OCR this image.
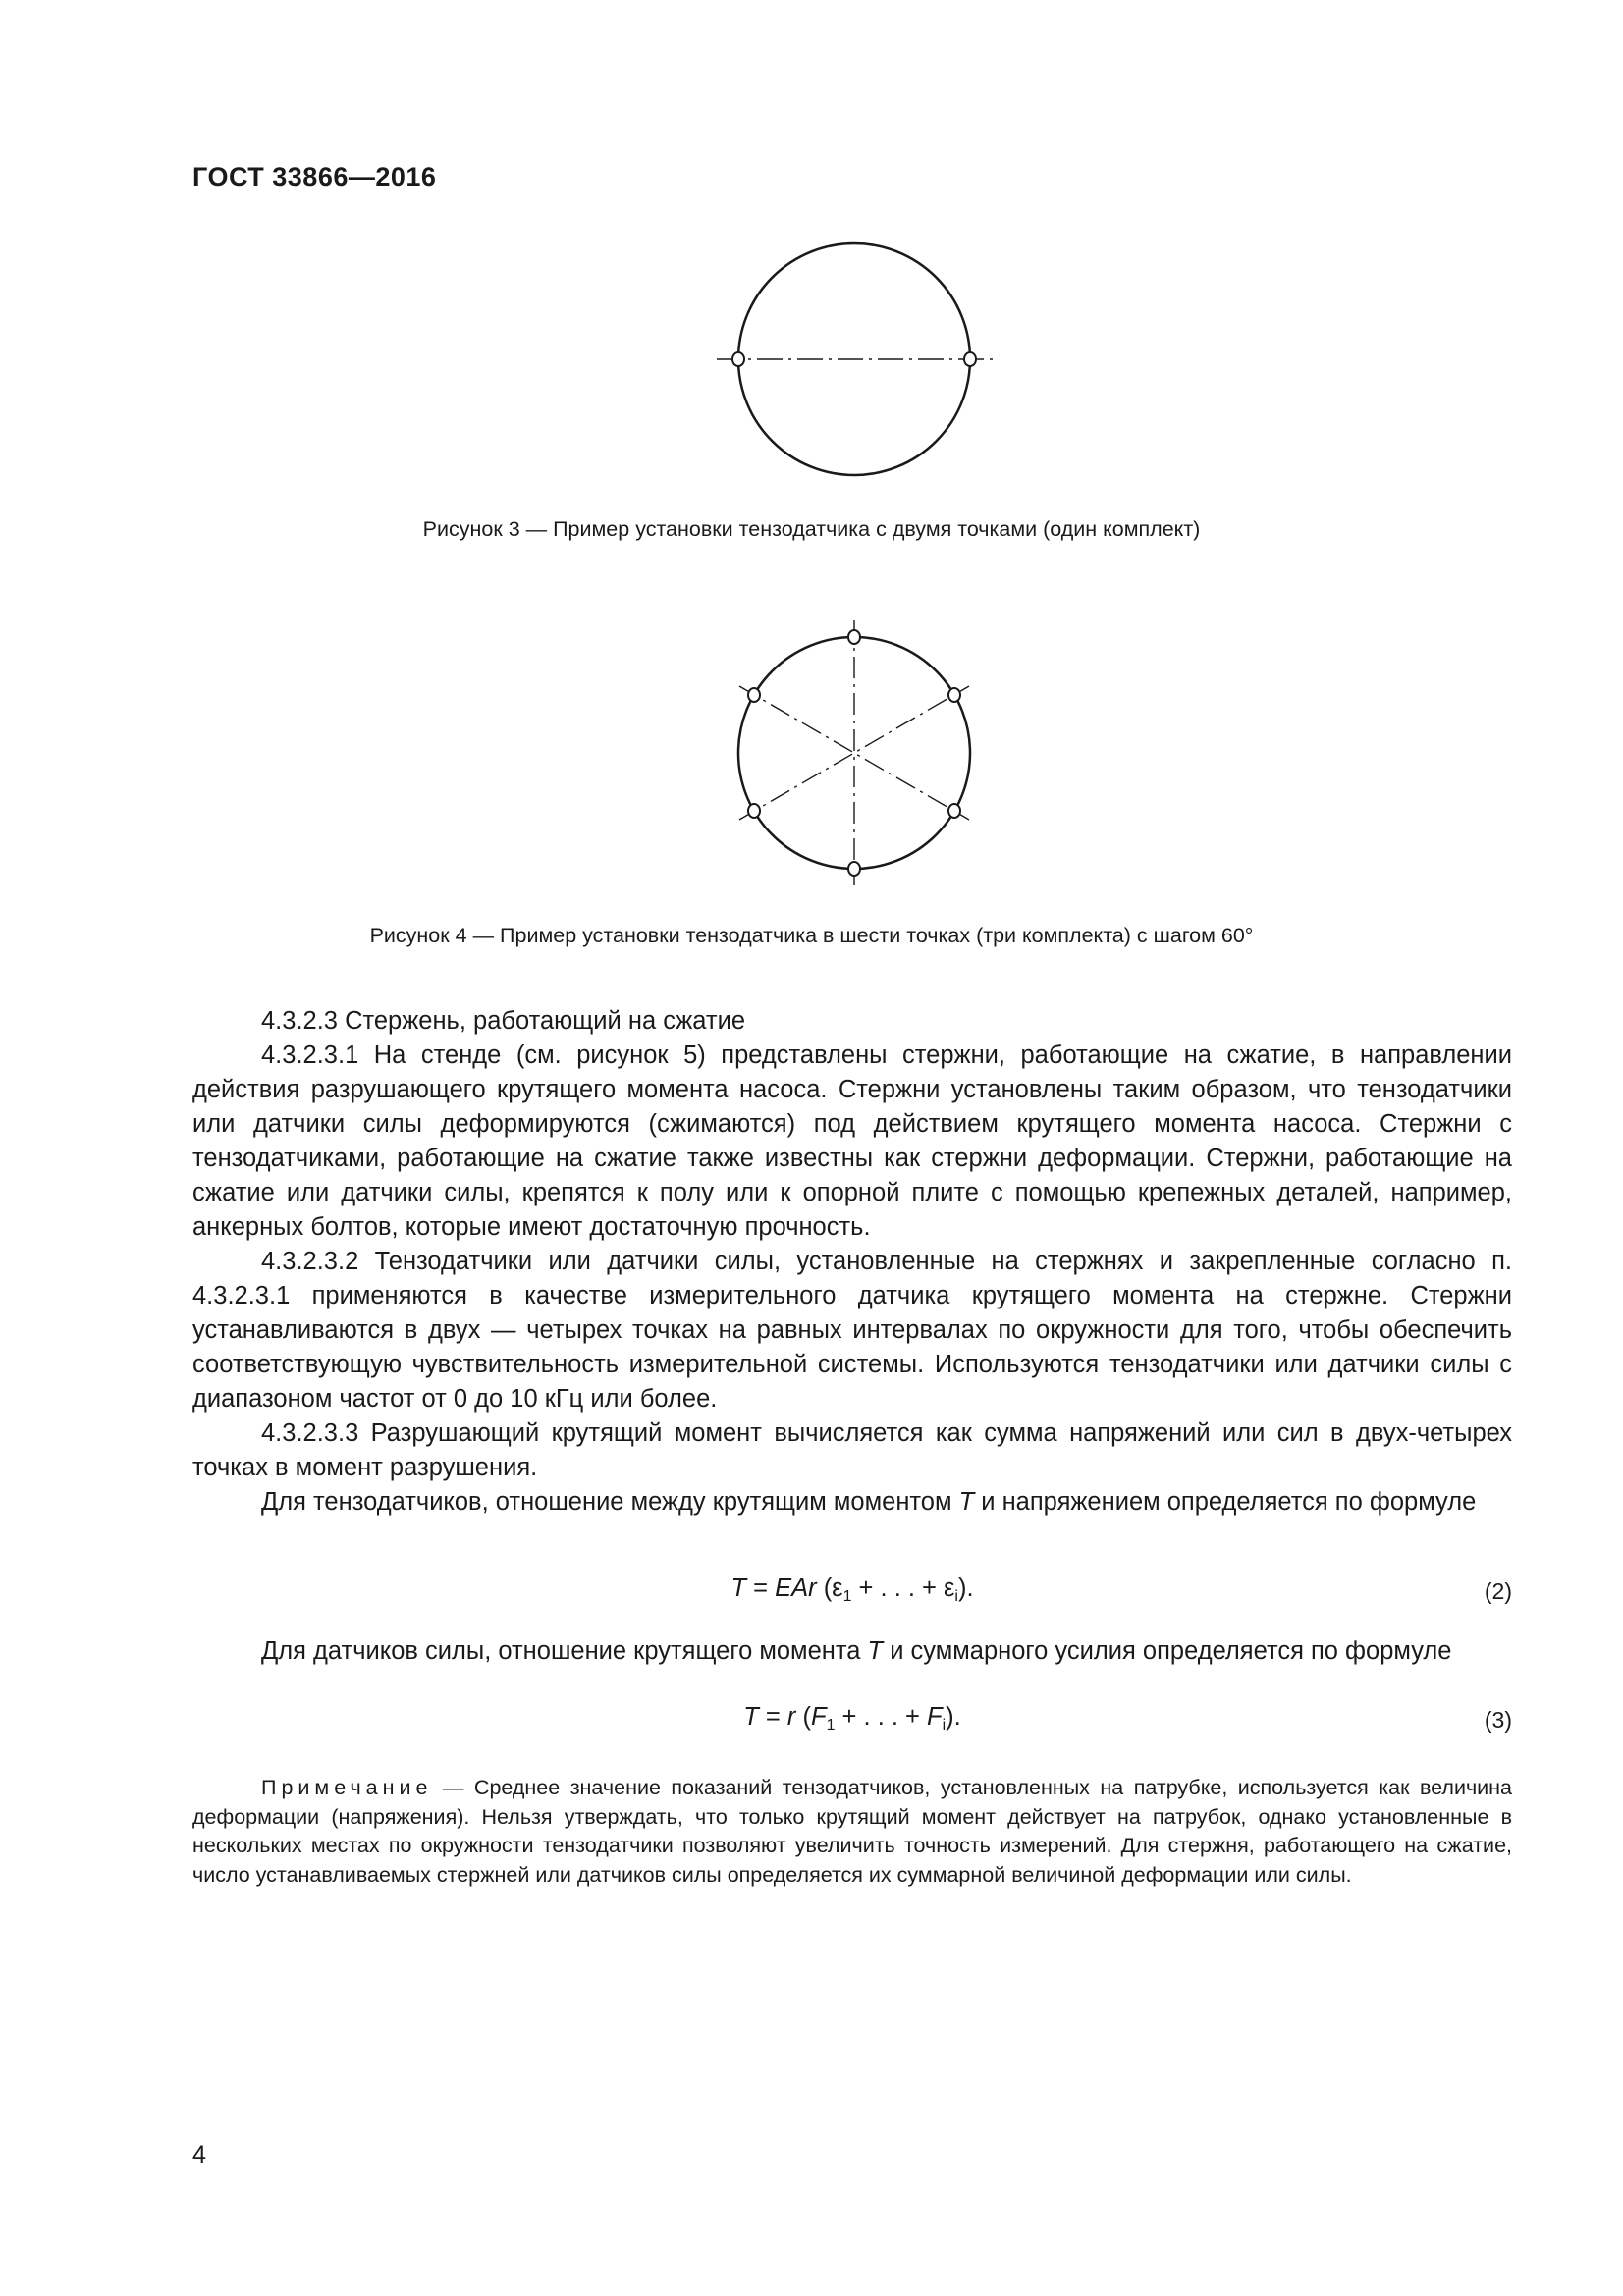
ГОСТ 33866—2016
Рисунок 3 — Пример установки тензодатчика с двумя точками (один комплект)
Рисунок 4 — Пример установки тензодатчика в шести точках (три комплекта) с шагом 60°

4.3.2.3 Стержень, работающий на сжатие

4.3.2.3.1 На стенде (см. рисунок 5) представлены стержни, работающие на сжатие, в направлении действия разрушающего крутящего момента насоса. Стержни установлены таким образом, что тензодатчики или датчики силы деформируются (сжимаются) под действием крутящего момента насоса. Стержни с тензодатчиками, работающие на сжатие также известны как стержни деформации. Стержни, работающие на сжатие или датчики силы, крепятся к полу или к опорной плите с помощью крепежных деталей, например, анкерных болтов, которые имеют достаточную прочность.

4.3.2.3.2 Тензодатчики или датчики силы, установленные на стержнях и закрепленные согласно п. 4.3.2.3.1 применяются в качестве измерительного датчика крутящего момента на стержне. Стержни устанавливаются в двух — четырех точках на равных интервалах по окружности для того, чтобы обеспечить соответствующую чувствительность измерительной системы. Используются тензодатчики или датчики силы с диапазоном частот от 0 до 10 кГц или более.

4.3.2.3.3 Разрушающий крутящий момент вычисляется как сумма напряжений или сил в двух-четырех точках в момент разрушения.

Для тензодатчиков, отношение между крутящим моментом T и напряжением определяется по формуле

T = EAr ($\varepsilon_1$ + . . . + $\varepsilon_i$).	(2)

Для датчиков силы, отношение крутящего момента T и суммарного усилия определяется по формуле

T = r ($F_1$ + . . . + $F_i$).	(3)

Примечание — Среднее значение показаний тензодатчиков, установленных на патрубке, используется как величина деформации (напряжения). Нельзя утверждать, что только крутящий момент действует на патрубок, однако установленные в нескольких местах по окружности тензодатчики позволяют увеличить точность измерений. Для стержня, работающего на сжатие, число устанавливаемых стержней или датчиков силы определяется их суммарной величиной деформации или силы.

4
